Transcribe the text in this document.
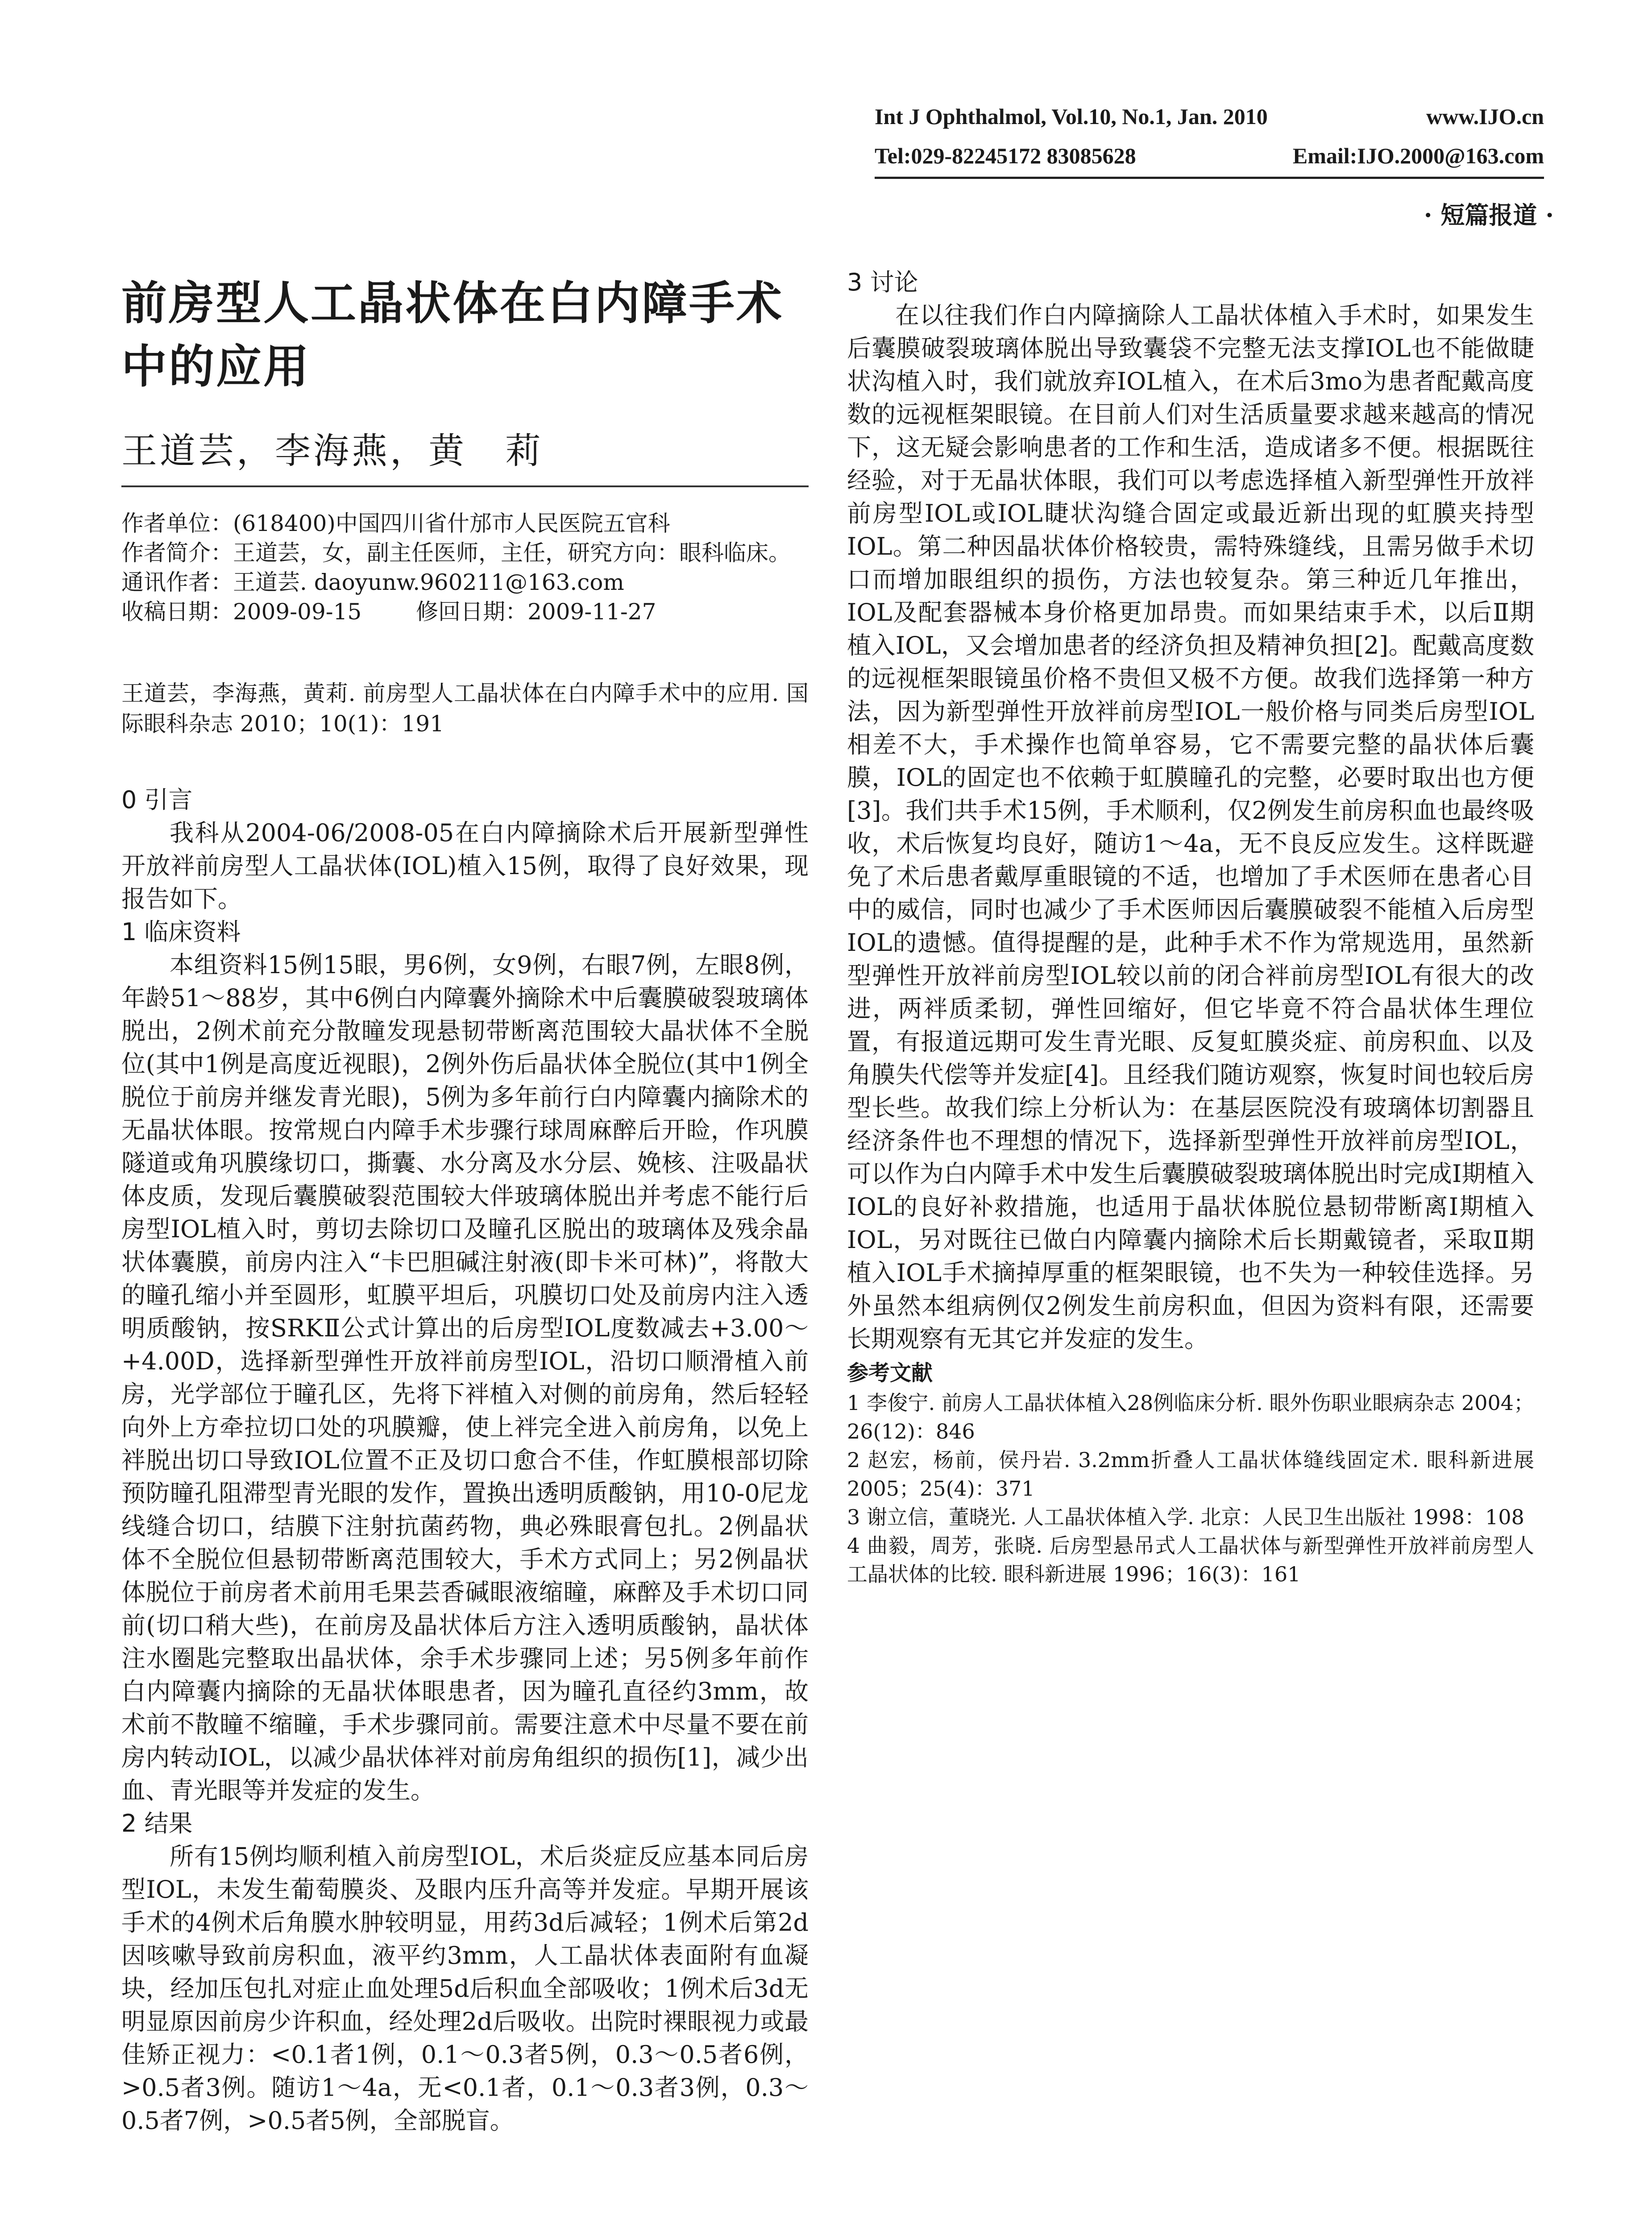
Int J Ophthalmol, Vol.10, No.1, Jan. 2010	www.IJO.cn
Tel:029-82245172 83085628	Email:IJO.2000@163.com
· 短篇报道 ·
前房型人工晶状体在白内障手术中的应用
王道芸，李海燕，黄　莉
作者单位：(618400)中国四川省什邡市人民医院五官科
作者简介：王道芸，女，副主任医师，主任，研究方向：眼科临床。
通讯作者：王道芸. daoyunw.960211@163.com
收稿日期：2009-09-15 修回日期：2009-11-27
王道芸，李海燕，黄莉. 前房型人工晶状体在白内障手术中的应用. 国际眼科杂志 2010；10(1)：191
0 引言

我科从2004-06/2008-05在白内障摘除术后开展新型弹性开放袢前房型人工晶状体(IOL)植入15例，取得了良好效果，现报告如下。

1 临床资料

本组资料15例15眼，男6例，女9例，右眼7例，左眼8例，年龄51～88岁，其中6例白内障囊外摘除术中后囊膜破裂玻璃体脱出，2例术前充分散瞳发现悬韧带断离范围较大晶状体不全脱位(其中1例是高度近视眼)，2例外伤后晶状体全脱位(其中1例全脱位于前房并继发青光眼)，5例为多年前行白内障囊内摘除术的无晶状体眼。按常规白内障手术步骤行球周麻醉后开睑，作巩膜隧道或角巩膜缘切口，撕囊、水分离及水分层、娩核、注吸晶状体皮质，发现后囊膜破裂范围较大伴玻璃体脱出并考虑不能行后房型IOL植入时，剪切去除切口及瞳孔区脱出的玻璃体及残余晶状体囊膜，前房内注入“卡巴胆碱注射液(即卡米可林)”，将散大的瞳孔缩小并至圆形，虹膜平坦后，巩膜切口处及前房内注入透明质酸钠，按SRKⅡ公式计算出的后房型IOL度数减去+3.00～+4.00D，选择新型弹性开放袢前房型IOL，沿切口顺滑植入前房，光学部位于瞳孔区，先将下袢植入对侧的前房角，然后轻轻向外上方牵拉切口处的巩膜瓣，使上袢完全进入前房角，以免上袢脱出切口导致IOL位置不正及切口愈合不佳，作虹膜根部切除预防瞳孔阻滞型青光眼的发作，置换出透明质酸钠，用10-0尼龙线缝合切口，结膜下注射抗菌药物，典必殊眼膏包扎。2例晶状体不全脱位但悬韧带断离范围较大，手术方式同上；另2例晶状体脱位于前房者术前用毛果芸香碱眼液缩瞳，麻醉及手术切口同前(切口稍大些)，在前房及晶状体后方注入透明质酸钠，晶状体注水圈匙完整取出晶状体，余手术步骤同上述；另5例多年前作白内障囊内摘除的无晶状体眼患者，因为瞳孔直径约3mm，故术前不散瞳不缩瞳，手术步骤同前。需要注意术中尽量不要在前房内转动IOL，以减少晶状体袢对前房角组织的损伤[1]，减少出血、青光眼等并发症的发生。

2 结果

所有15例均顺利植入前房型IOL，术后炎症反应基本同后房型IOL，未发生葡萄膜炎、及眼内压升高等并发症。早期开展该手术的4例术后角膜水肿较明显，用药3d后减轻；1例术后第2d因咳嗽导致前房积血，液平约3mm，人工晶状体表面附有血凝块，经加压包扎对症止血处理5d后积血全部吸收；1例术后3d无明显原因前房少许积血，经处理2d后吸收。出院时裸眼视力或最佳矫正视力：<0.1者1例，0.1～0.3者5例，0.3～0.5者6例，>0.5者3例。随访1～4a，无<0.1者，0.1～0.3者3例，0.3～0.5者7例，>0.5者5例，全部脱盲。

3 讨论

在以往我们作白内障摘除人工晶状体植入手术时，如果发生后囊膜破裂玻璃体脱出导致囊袋不完整无法支撑IOL也不能做睫状沟植入时，我们就放弃IOL植入，在术后3mo为患者配戴高度数的远视框架眼镜。在目前人们对生活质量要求越来越高的情况下，这无疑会影响患者的工作和生活，造成诸多不便。根据既往经验，对于无晶状体眼，我们可以考虑选择植入新型弹性开放袢前房型IOL或IOL睫状沟缝合固定或最近新出现的虹膜夹持型IOL。第二种因晶状体价格较贵，需特殊缝线，且需另做手术切口而增加眼组织的损伤，方法也较复杂。第三种近几年推出，IOL及配套器械本身价格更加昂贵。而如果结束手术，以后Ⅱ期植入IOL，又会增加患者的经济负担及精神负担[2]。配戴高度数的远视框架眼镜虽价格不贵但又极不方便。故我们选择第一种方法，因为新型弹性开放袢前房型IOL一般价格与同类后房型IOL相差不大，手术操作也简单容易，它不需要完整的晶状体后囊膜，IOL的固定也不依赖于虹膜瞳孔的完整，必要时取出也方便[3]。我们共手术15例，手术顺利，仅2例发生前房积血也最终吸收，术后恢复均良好，随访1～4a，无不良反应发生。这样既避免了术后患者戴厚重眼镜的不适，也增加了手术医师在患者心目中的威信，同时也减少了手术医师因后囊膜破裂不能植入后房型IOL的遗憾。值得提醒的是，此种手术不作为常规选用，虽然新型弹性开放袢前房型IOL较以前的闭合袢前房型IOL有很大的改进，两袢质柔韧，弹性回缩好，但它毕竟不符合晶状体生理位置，有报道远期可发生青光眼、反复虹膜炎症、前房积血、以及角膜失代偿等并发症[4]。且经我们随访观察，恢复时间也较后房型长些。故我们综上分析认为：在基层医院没有玻璃体切割器且经济条件也不理想的情况下，选择新型弹性开放袢前房型IOL，可以作为白内障手术中发生后囊膜破裂玻璃体脱出时完成Ⅰ期植入IOL的良好补救措施，也适用于晶状体脱位悬韧带断离Ⅰ期植入IOL，另对既往已做白内障囊内摘除术后长期戴镜者，采取Ⅱ期植入IOL手术摘掉厚重的框架眼镜，也不失为一种较佳选择。另外虽然本组病例仅2例发生前房积血，但因为资料有限，还需要长期观察有无其它并发症的发生。

参考文献
1 李俊宁. 前房人工晶状体植入28例临床分析. 眼外伤职业眼病杂志 2004；26(12)：846
2 赵宏，杨前，侯丹岩. 3.2mm折叠人工晶状体缝线固定术. 眼科新进展 2005；25(4)：371
3 谢立信，董晓光. 人工晶状体植入学. 北京：人民卫生出版社 1998：108
4 曲毅，周芳，张晓. 后房型悬吊式人工晶状体与新型弹性开放袢前房型人工晶状体的比较. 眼科新进展 1996；16(3)：161
